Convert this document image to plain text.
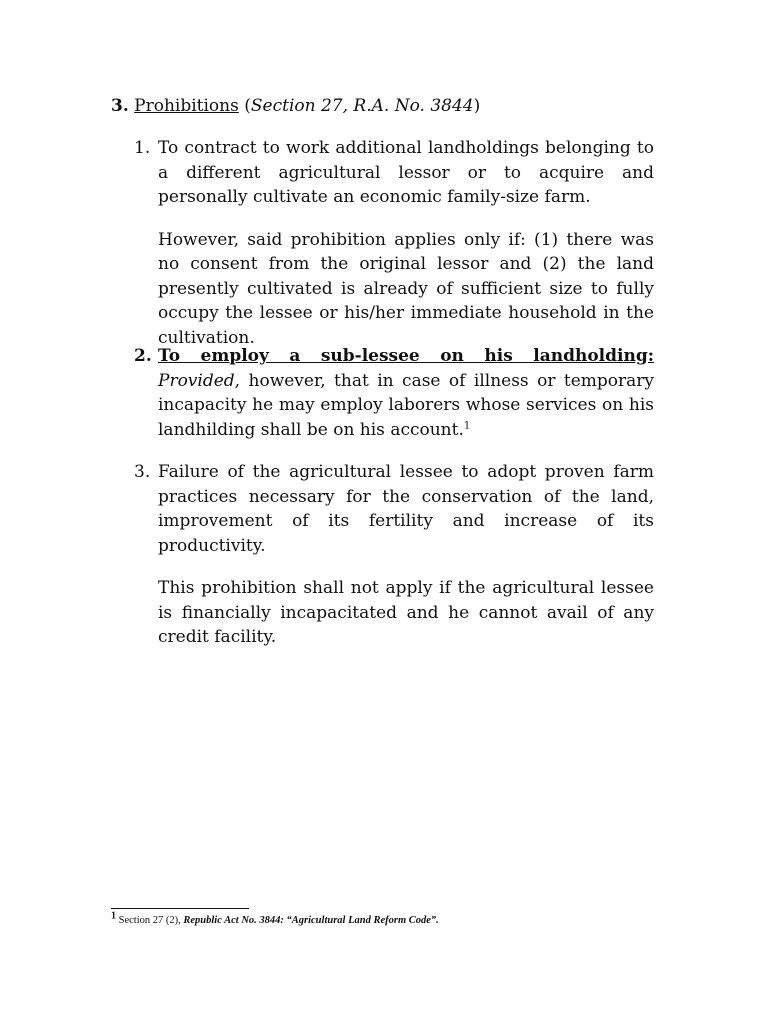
3. Prohibitions (Section 27, R.A. No. 3844)
1. To contract to work additional landholdings belonging to a different agricultural lessor or to acquire and personally cultivate an economic family-size farm.

However, said prohibition applies only if: (1) there was no consent from the original lessor and (2) the land presently cultivated is already of sufficient size to fully occupy the lessee or his/her immediate household in the cultivation.

2. To employ a sub-lessee on his landholding: Provided, however, that in case of illness or temporary incapacity he may employ laborers whose services on his landhilding shall be on his account.$^1$

3. Failure of the agricultural lessee to adopt proven farm practices necessary for the conservation of the land, improvement of its fertility and increase of its productivity.

This prohibition shall not apply if the agricultural lessee is financially incapacitated and he cannot avail of any credit facility.

1 Section 27 (2), Republic Act No. 3844: “Agricultural Land Reform Code”.
